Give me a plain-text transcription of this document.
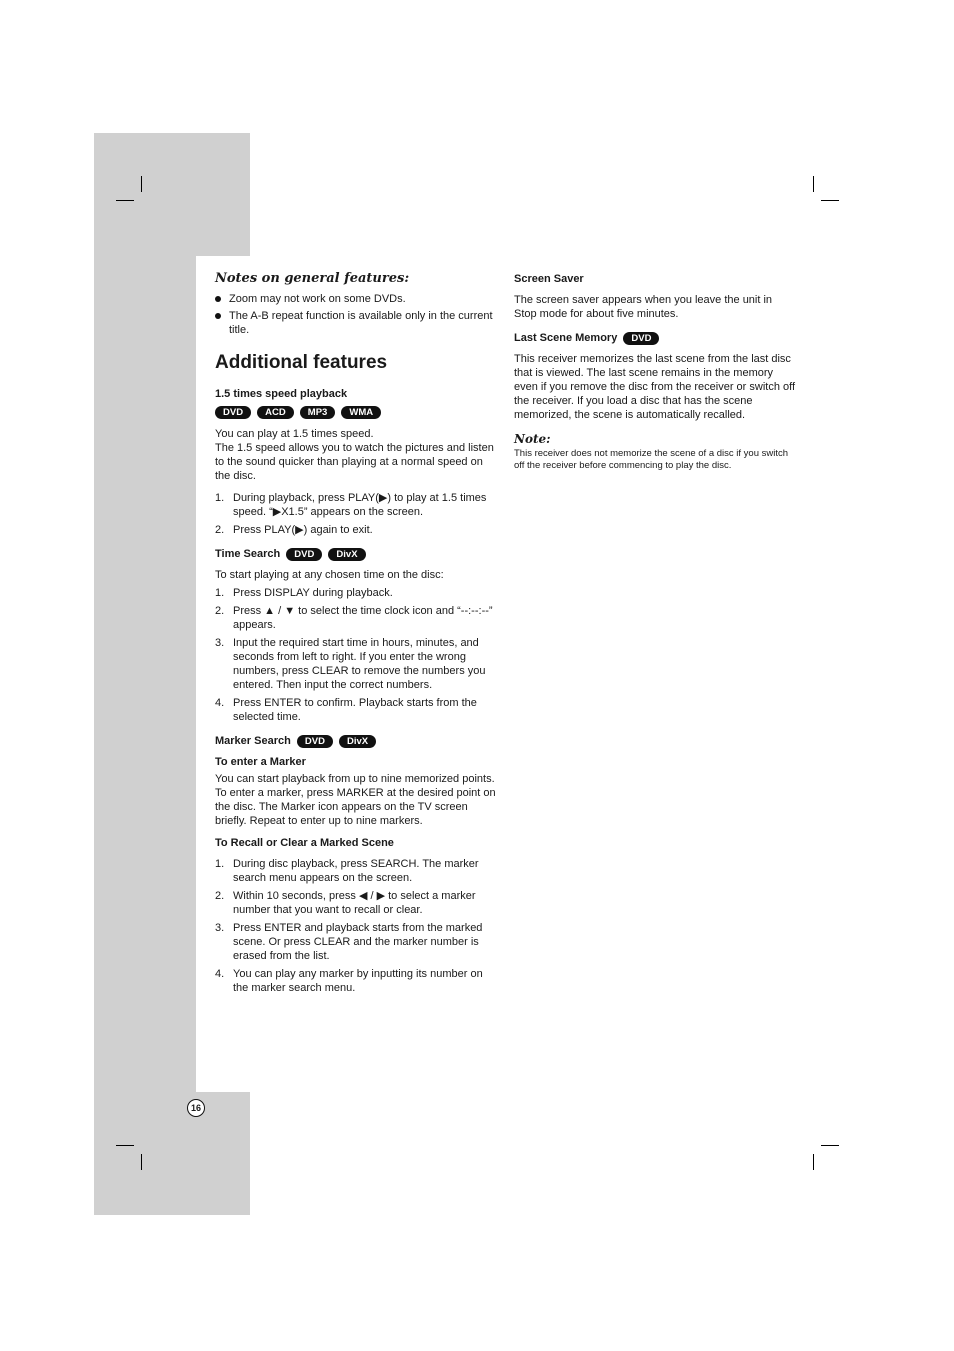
Notes on general features:
Zoom may not work on some DVDs.
The A-B repeat function is available only in the current title.
Additional features
1.5 times speed playback
DVD ACD MP3 WMA

You can play at 1.5 times speed.

The 1.5 speed allows you to watch the pictures and listen to the sound quicker than playing at a normal speed on the disc.

1. During playback, press PLAY(▶) to play at 1.5 times speed. “▶X1.5” appears on the screen.
2. Press PLAY(▶) again to exit.
Time Search DVD DivX

To start playing at any chosen time on the disc:

1. Press DISPLAY during playback.
2. Press ▲ / ▼ to select the time clock icon and “--:--:--” appears.
3. Input the required start time in hours, minutes, and seconds from left to right. If you enter the wrong numbers, press CLEAR to remove the numbers you entered. Then input the correct numbers.
4. Press ENTER to confirm. Playback starts from the selected time.
Marker Search DVD DivX
To enter a Marker

You can start playback from up to nine memorized points. To enter a marker, press MARKER at the desired point on the disc. The Marker icon appears on the TV screen briefly. Repeat to enter up to nine markers.

To Recall or Clear a Marked Scene
1. During disc playback, press SEARCH. The marker search menu appears on the screen.
2. Within 10 seconds, press ◀ / ▶ to select a marker number that you want to recall or clear.
3. Press ENTER and playback starts from the marked scene. Or press CLEAR and the marker number is erased from the list.
4. You can play any marker by inputting its number on the marker search menu.
Screen Saver

The screen saver appears when you leave the unit in Stop mode for about five minutes.

Last Scene Memory DVD

This receiver memorizes the last scene from the last disc that is viewed. The last scene remains in the memory even if you remove the disc from the receiver or switch off the receiver. If you load a disc that has the scene memorized, the scene is automatically recalled.

Note:
This receiver does not memorize the scene of a disc if you switch off the receiver before commencing to play the disc.
16
